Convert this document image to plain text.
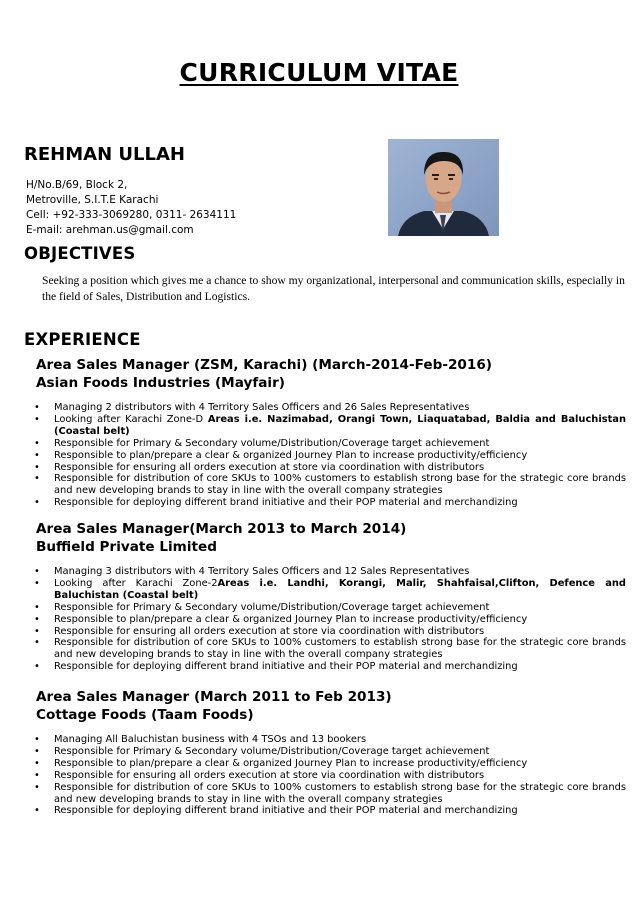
CURRICULUM VITAE
REHMAN ULLAH
H/No.B/69, Block 2,
Metroville, S.I.T.E Karachi
Cell: +92-333-3069280, 0311- 2634111
E-mail: arehman.us@gmail.com
OBJECTIVES
Seeking a position which gives me a chance to show my organizational, interpersonal and communication skills, especially in the field of Sales, Distribution and Logistics.
EXPERIENCE
Area Sales Manager (ZSM, Karachi) (March-2014-Feb-2016)
Asian Foods Industries (Mayfair)
• Managing 2 distributors with 4 Territory Sales Officers and 26 Sales Representatives
• Looking after Karachi Zone-D Areas i.e. Nazimabad, Orangi Town, Liaquatabad, Baldia and Baluchistan (Coastal belt)
• Responsible for Primary & Secondary volume/Distribution/Coverage target achievement
• Responsible to plan/prepare a clear & organized Journey Plan to increase productivity/efficiency
• Responsible for ensuring all orders execution at store via coordination with distributors
• Responsible for distribution of core SKUs to 100% customers to establish strong base for the strategic core brands and new developing brands to stay in line with the overall company strategies
• Responsible for deploying different brand initiative and their POP material and merchandizing
Area Sales Manager(March 2013 to March 2014)
Buffield Private Limited
• Managing 3 distributors with 4 Territory Sales Officers and 12 Sales Representatives
• Looking after Karachi Zone-2Areas i.e. Landhi, Korangi, Malir, Shahfaisal,Clifton, Defence and Baluchistan (Coastal belt)
• Responsible for Primary & Secondary volume/Distribution/Coverage target achievement
• Responsible to plan/prepare a clear & organized Journey Plan to increase productivity/efficiency
• Responsible for ensuring all orders execution at store via coordination with distributors
• Responsible for distribution of core SKUs to 100% customers to establish strong base for the strategic core brands and new developing brands to stay in line with the overall company strategies
• Responsible for deploying different brand initiative and their POP material and merchandizing
Area Sales Manager (March 2011 to Feb 2013)
Cottage Foods (Taam Foods)
• Managing All Baluchistan business with 4 TSOs and 13 bookers
• Responsible for Primary & Secondary volume/Distribution/Coverage target achievement
• Responsible to plan/prepare a clear & organized Journey Plan to increase productivity/efficiency
• Responsible for ensuring all orders execution at store via coordination with distributors
• Responsible for distribution of core SKUs to 100% customers to establish strong base for the strategic core brands and new developing brands to stay in line with the overall company strategies
• Responsible for deploying different brand initiative and their POP material and merchandizing
